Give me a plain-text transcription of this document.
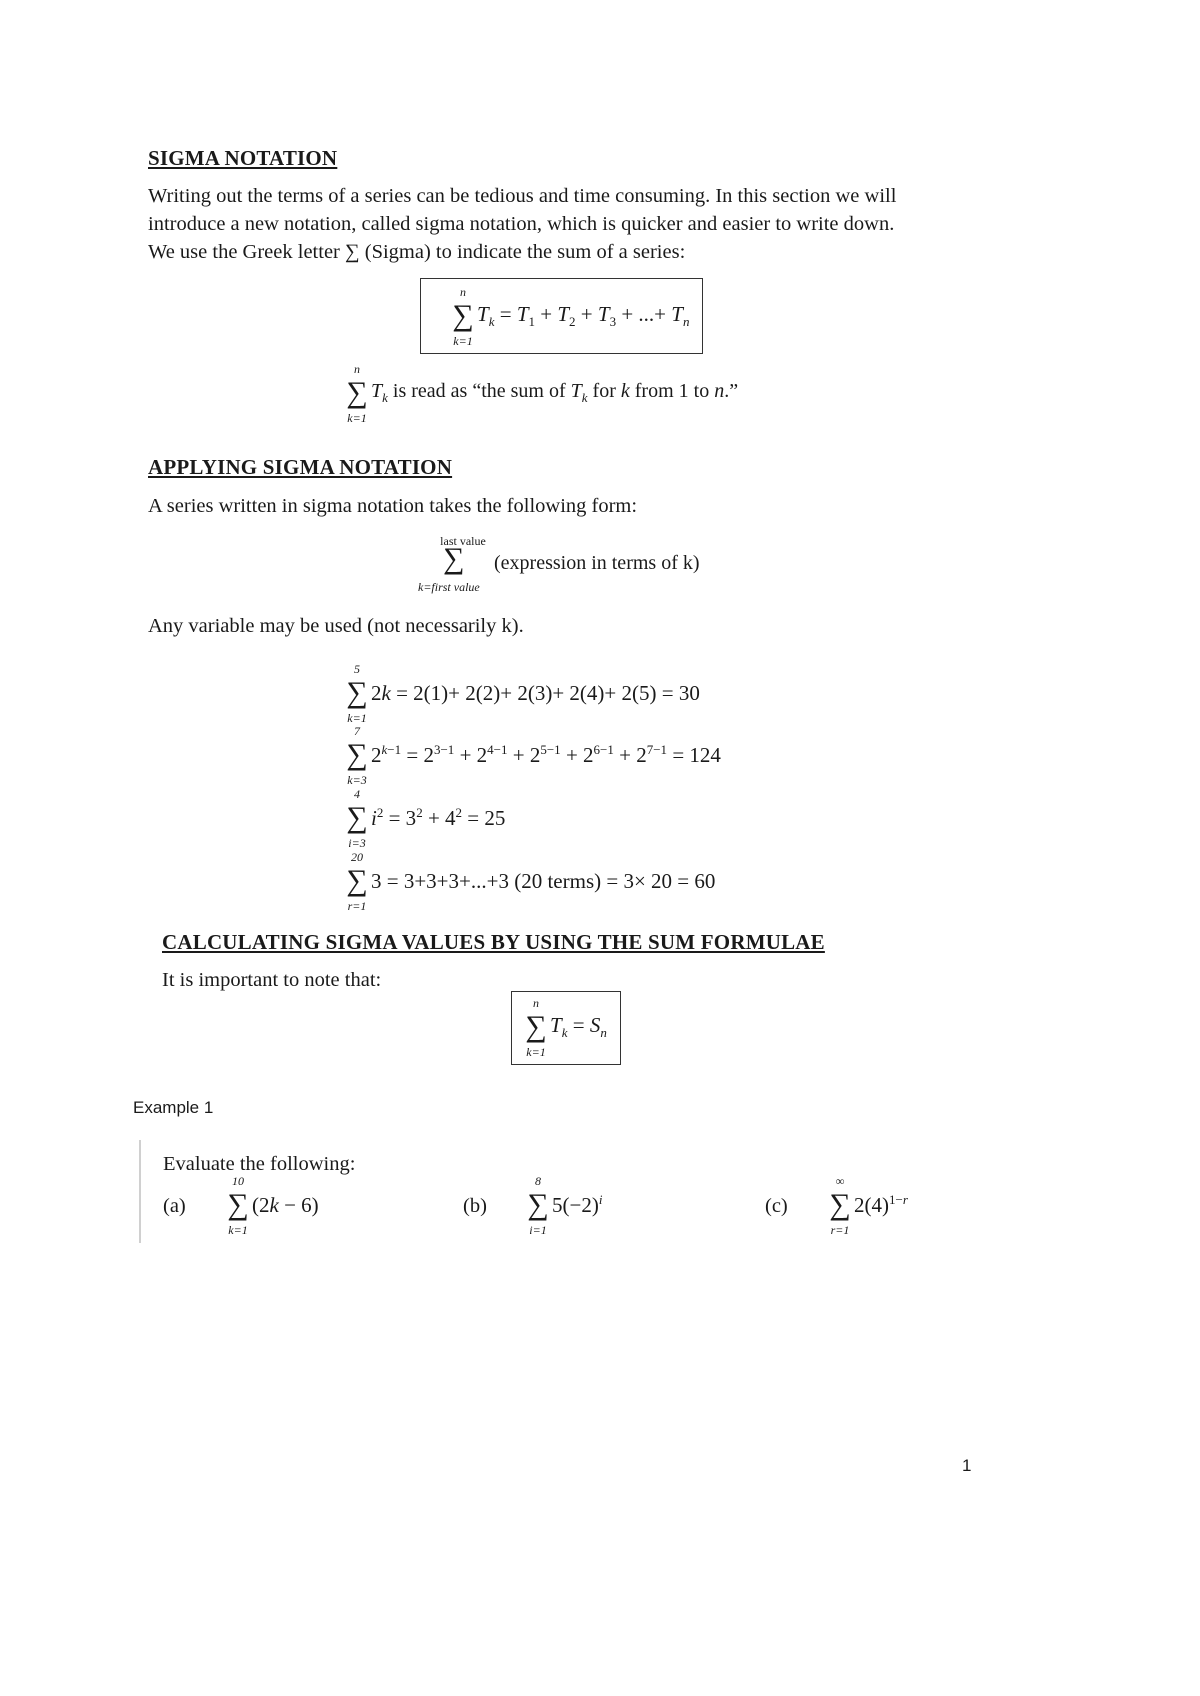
SIGMA NOTATION
Writing out the terms of a series can be tedious and time consuming. In this section we will
introduce a new notation, called sigma notation, which is quicker and easier to write down.
We use the Greek letter ∑ (Sigma) to indicate the sum of a series:
n
∑
k=1
$T_k = T_1 + T_2 + T_3$ + ...+ $T_n$
n
∑
k=1
$T_k$ is read as “the sum of $T_k$ for k from 1 to n.”
APPLYING SIGMA NOTATION
A series written in sigma notation takes the following form:
last value
∑
k=first value
(expression in terms of k)
Any variable may be used (not necessarily k).
5
∑
k=1
2k = 2(1)+ 2(2)+ 2(3)+ 2(4)+ 2(5) = 30
7
∑
k=3
$2^{k-1} = 2^{3-1} + 2^{4-1} + 2^{5-1} + 2^{6-1} + 2^{7-1} = 124$
4
∑
i=3
$i^2 = 3^2 + 4^2 = 25$
20
∑
r=1
3 = 3+3+3+...+3 (20 terms) = 3× 20 = 60
CALCULATING SIGMA VALUES BY USING THE SUM FORMULAE
It is important to note that:
n
∑
k=1
$T_k = S_n$
Example 1
Evaluate the following:
(a)
10
∑
k=1
(2k − 6)	(b)
8
∑
i=1
$5(-2)^i$	(c)
∞
∑
r=1
$2(4)^{1-r}$
1
